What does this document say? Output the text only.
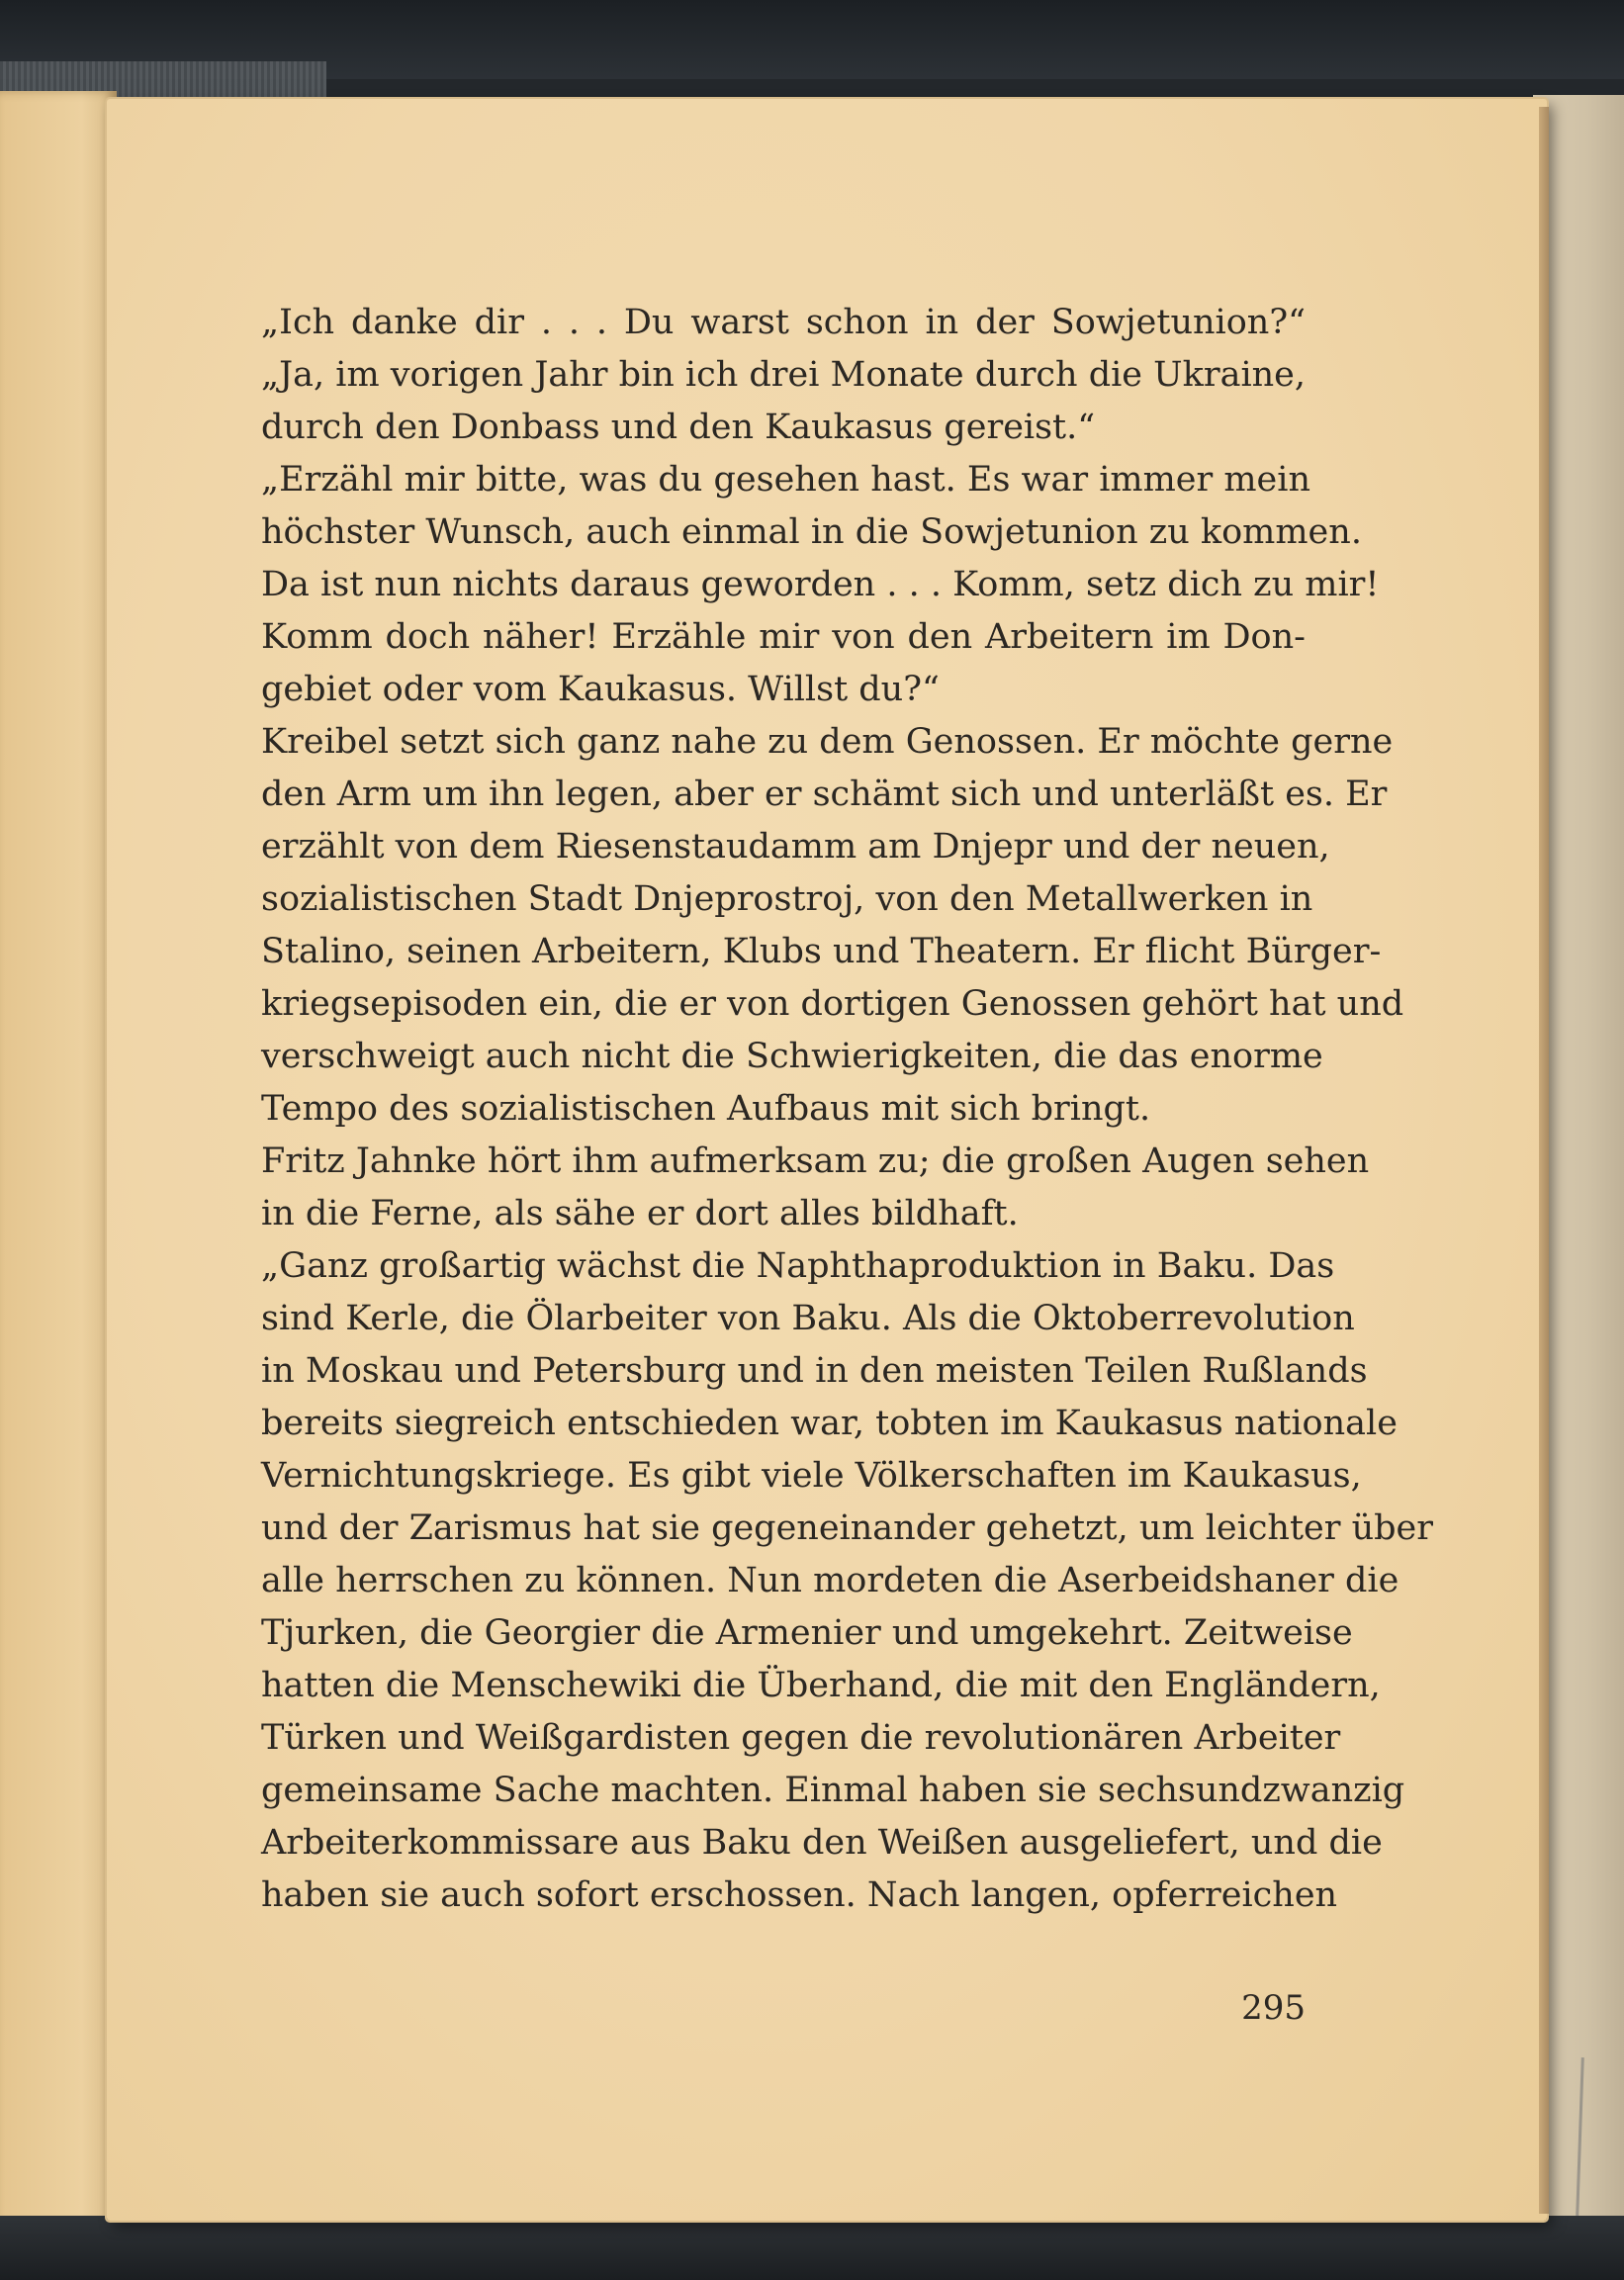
„Ich danke dir . . . Du warst schon in der Sowjetunion?“
„Ja, im vorigen Jahr bin ich drei Monate durch die Ukraine,
durch den Donbass und den Kaukasus gereist.“
„Erzähl mir bitte, was du gesehen hast. Es war immer mein
höchster Wunsch, auch einmal in die Sowjetunion zu kommen.
Da ist nun nichts daraus geworden . . . Komm, setz dich zu mir!
Komm doch näher! Erzähle mir von den Arbeitern im Don-
gebiet oder vom Kaukasus. Willst du?“
Kreibel setzt sich ganz nahe zu dem Genossen. Er möchte gerne
den Arm um ihn legen, aber er schämt sich und unterläßt es. Er
erzählt von dem Riesenstaudamm am Dnjepr und der neuen,
sozialistischen Stadt Dnjeprostroj, von den Metallwerken in
Stalino, seinen Arbeitern, Klubs und Theatern. Er flicht Bürger-
kriegsepisoden ein, die er von dortigen Genossen gehört hat und
verschweigt auch nicht die Schwierigkeiten, die das enorme
Tempo des sozialistischen Aufbaus mit sich bringt.
Fritz Jahnke hört ihm aufmerksam zu; die großen Augen sehen
in die Ferne, als sähe er dort alles bildhaft.
„Ganz großartig wächst die Naphthaproduktion in Baku. Das
sind Kerle, die Ölarbeiter von Baku. Als die Oktoberrevolution
in Moskau und Petersburg und in den meisten Teilen Rußlands
bereits siegreich entschieden war, tobten im Kaukasus nationale
Vernichtungskriege. Es gibt viele Völkerschaften im Kaukasus,
und der Zarismus hat sie gegeneinander gehetzt, um leichter über
alle herrschen zu können. Nun mordeten die Aserbeidshaner die
Tjurken, die Georgier die Armenier und umgekehrt. Zeitweise
hatten die Menschewiki die Überhand, die mit den Engländern,
Türken und Weißgardisten gegen die revolutionären Arbeiter
gemeinsame Sache machten. Einmal haben sie sechsundzwanzig
Arbeiterkommissare aus Baku den Weißen ausgeliefert, und die
haben sie auch sofort erschossen. Nach langen, opferreichen
295
